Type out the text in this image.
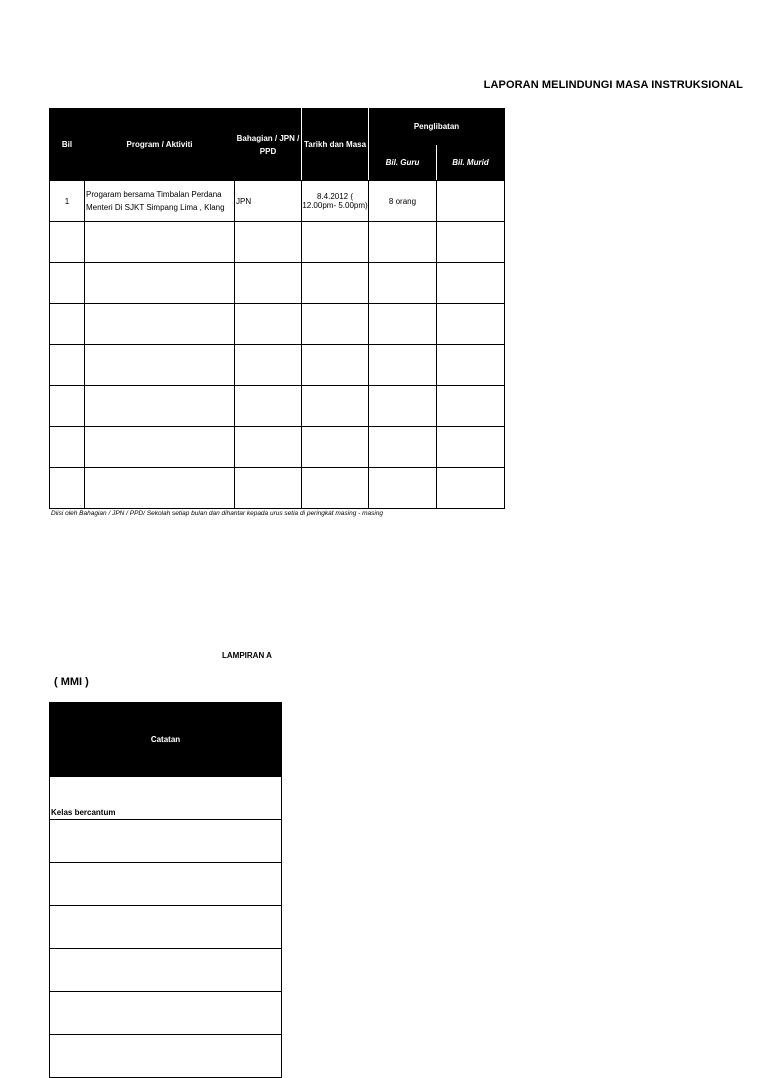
LAPORAN MELINDUNGI MASA INSTRUKSIONAL
Bil	Program / Aktiviti	Bahagian / JPN / PPD	Tarikh dan Masa	Penglibatan	
				Bil. Guru	Bil. Murid
1	Progaram bersama Timbalan Perdana Menteri Di SJKT Simpang Lima , Klang	JPN	8.4.2012 ( 12.00pm- 5.00pm)	8 orang	

Diisi oleh Bahagian / JPN / PPD/ Sekolah setiap bulan dan dihantar kepada urus setia di peringkat masing - masing
LAMPIRAN A
( MMI )
Catatan
Kelas bercantum
